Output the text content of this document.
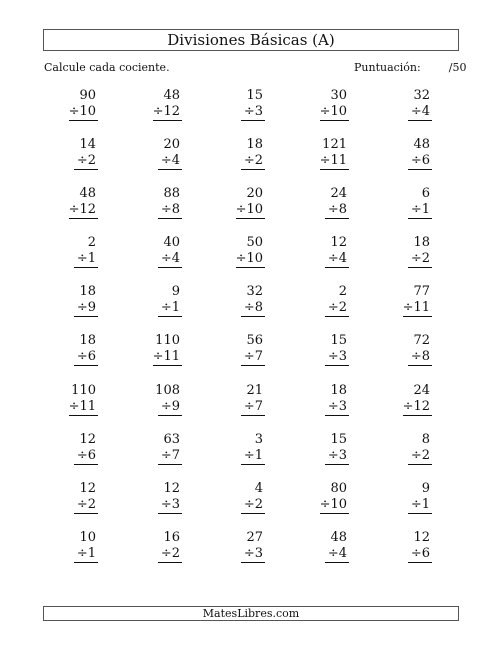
Divisiones Básicas (A)
Calcule cada cociente.	Puntuación:	/50
90
÷10
48
÷12
15
÷3
30
÷10
32
÷4
14
÷2
20
÷4
18
÷2
121
÷11
48
÷6
48
÷12
88
÷8
20
÷10
24
÷8
6
÷1
2
÷1
40
÷4
50
÷10
12
÷4
18
÷2
18
÷9
9
÷1
32
÷8
2
÷2
77
÷11
18
÷6
110
÷11
56
÷7
15
÷3
72
÷8
110
÷11
108
÷9
21
÷7
18
÷3
24
÷12
12
÷6
63
÷7
3
÷1
15
÷3
8
÷2
12
÷2
12
÷3
4
÷2
80
÷10
9
÷1
10
÷1
16
÷2
27
÷3
48
÷4
12
÷6
MatesLibres.com
